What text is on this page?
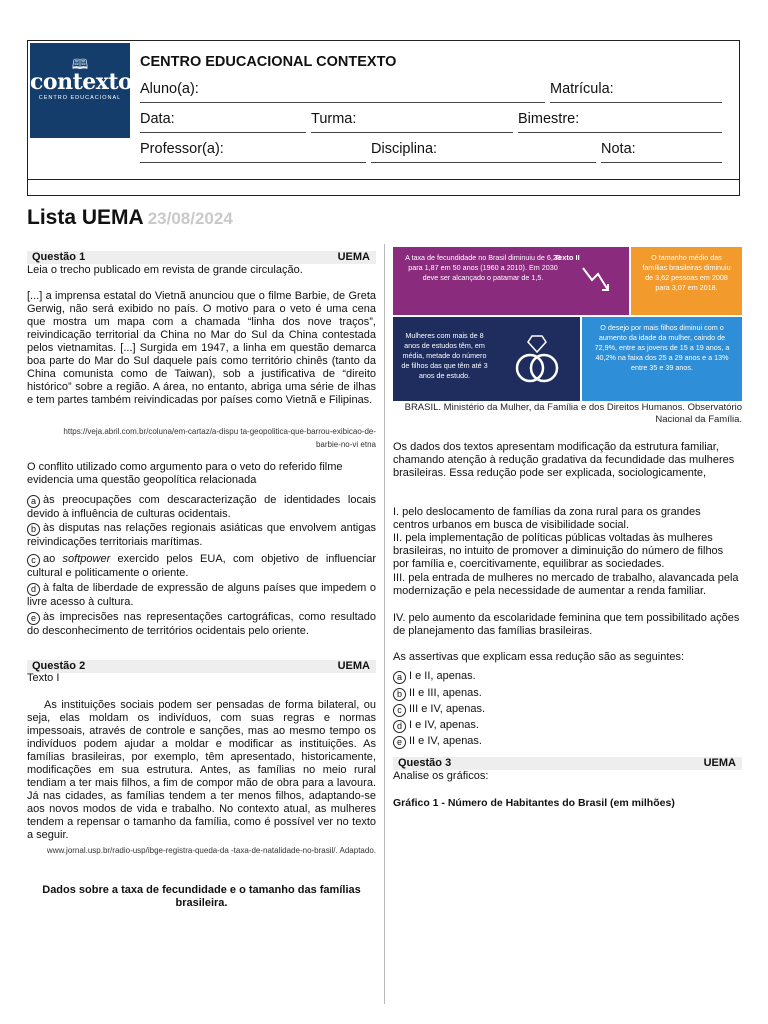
🕮
contexto
CENTRO EDUCACIONAL
CENTRO EDUCACIONAL CONTEXTO
Aluno(a):	Matrícula:
Data:	Turma:	Bimestre:
Professor(a):	Disciplina:	Nota:
Lista UEMA 23/08/2024
Questão 1	UEMA

Leia o trecho publicado em revista de grande circulação.

[...] a imprensa estatal do Vietnã anunciou que o filme Barbie, de Greta Gerwig, não será exibido no país. O motivo para o veto é uma cena que mostra um mapa com a chamada “linha dos nove traços”, reivindicação territorial da China no Mar do Sul da China contestada pelos vietnamitas. [...] Surgida em 1947, a linha em questão demarca boa parte do Mar do Sul daquele país como território chinês (tanto da China comunista como de Taiwan), sob a justificativa de “direito histórico” sobre a região. A área, no entanto, abriga uma série de ilhas e tem partes também reivindicadas por países como Vietnã e Filipinas.

https://veja.abril.com.br/coluna/em-cartaz/a-dispu ta-geopolitica-que-barrou-exibicao-de-barbie-no-vi etna

O conflito utilizado como argumento para o veto do referido filme evidencia uma questão geopolítica relacionada

a às preocupações com descaracterização de identidades locais devido à influência de culturas ocidentais.
b às disputas nas relações regionais asiáticas que envolvem antigas reivindicações territoriais marítimas.
c ao softpower exercido pelos EUA, com objetivo de influenciar cultural e politicamente o oriente.
d à falta de liberdade de expressão de alguns países que impedem o livre acesso à cultura.
e às imprecisões nas representações cartográficas, como resultado do desconhecimento de territórios ocidentais pelo oriente.
Questão 2	UEMA

Texto I

As instituições sociais podem ser pensadas de forma bilateral, ou seja, elas moldam os indivíduos, com suas regras e normas impessoais, através de controle e sanções, mas ao mesmo tempo os indivíduos podem ajudar a moldar e modificar as instituições. As famílias brasileiras, por exemplo, têm apresentado, historicamente, modificações em sua estrutura. Antes, as famílias no meio rural tendiam a ter mais filhos, a fim de compor mão de obra para a lavoura. Já nas cidades, as famílias tendem a ter menos filhos, adaptando-se aos novos modos de vida e trabalho. No contexto atual, as mulheres tendem a repensar o tamanho da família, como é possível ver no texto a seguir.

www.jornal.usp.br/radio-usp/ibge-registra-queda-da -taxa-de-natalidade-no-brasil/. Adaptado.

Dados sobre a taxa de fecundidade e o tamanho das famílias brasileira.

A taxa de fecundidade no Brasil diminuiu de 6,28 para 1,87 em 50 anos (1960 a 2010). Em 2030 deve ser alcançado o patamar de 1,5.
Texto II	O tamanho médio das famílias brasileiras diminuiu de 3,62 pessoas em 2008 para 3,07 em 2018.
Mulheres com mais de 8 anos de estudos têm, em média, metade do número de filhos das que têm até 3 anos de estudo.
O desejo por mais filhos diminui com o aumento da idade da mulher, caindo de 72,9%, entre as jovens de 15 a 19 anos, a 40,2% na faixa dos 25 a 29 anos e a 13% entre 35 e 39 anos.
BRASIL. Ministério da Mulher, da Família e dos Direitos Humanos. Observatório Nacional da Família.

Os dados dos textos apresentam modificação da estrutura familiar, chamando atenção à redução gradativa da fecundidade das mulheres brasileiras. Essa redução pode ser explicada, sociologicamente,

I. pelo deslocamento de famílias da zona rural para os grandes centros urbanos em busca de visibilidade social.

II. pela implementação de políticas públicas voltadas às mulheres brasileiras, no intuito de promover a diminuição do número de filhos por família e, coercitivamente, equilibrar as sociedades.

III. pela entrada de mulheres no mercado de trabalho, alavancada pela modernização e pela necessidade de aumentar a renda familiar.

IV. pelo aumento da escolaridade feminina que tem possibilitado ações de planejamento das famílias brasileiras.

As assertivas que explicam essa redução são as seguintes:

a I e II, apenas.
b II e III, apenas.
c III e IV, apenas.
d I e IV, apenas.
e II e IV, apenas.
Questão 3	UEMA

Analise os gráficos:

Gráfico 1 - Número de Habitantes do Brasil (em milhões)
